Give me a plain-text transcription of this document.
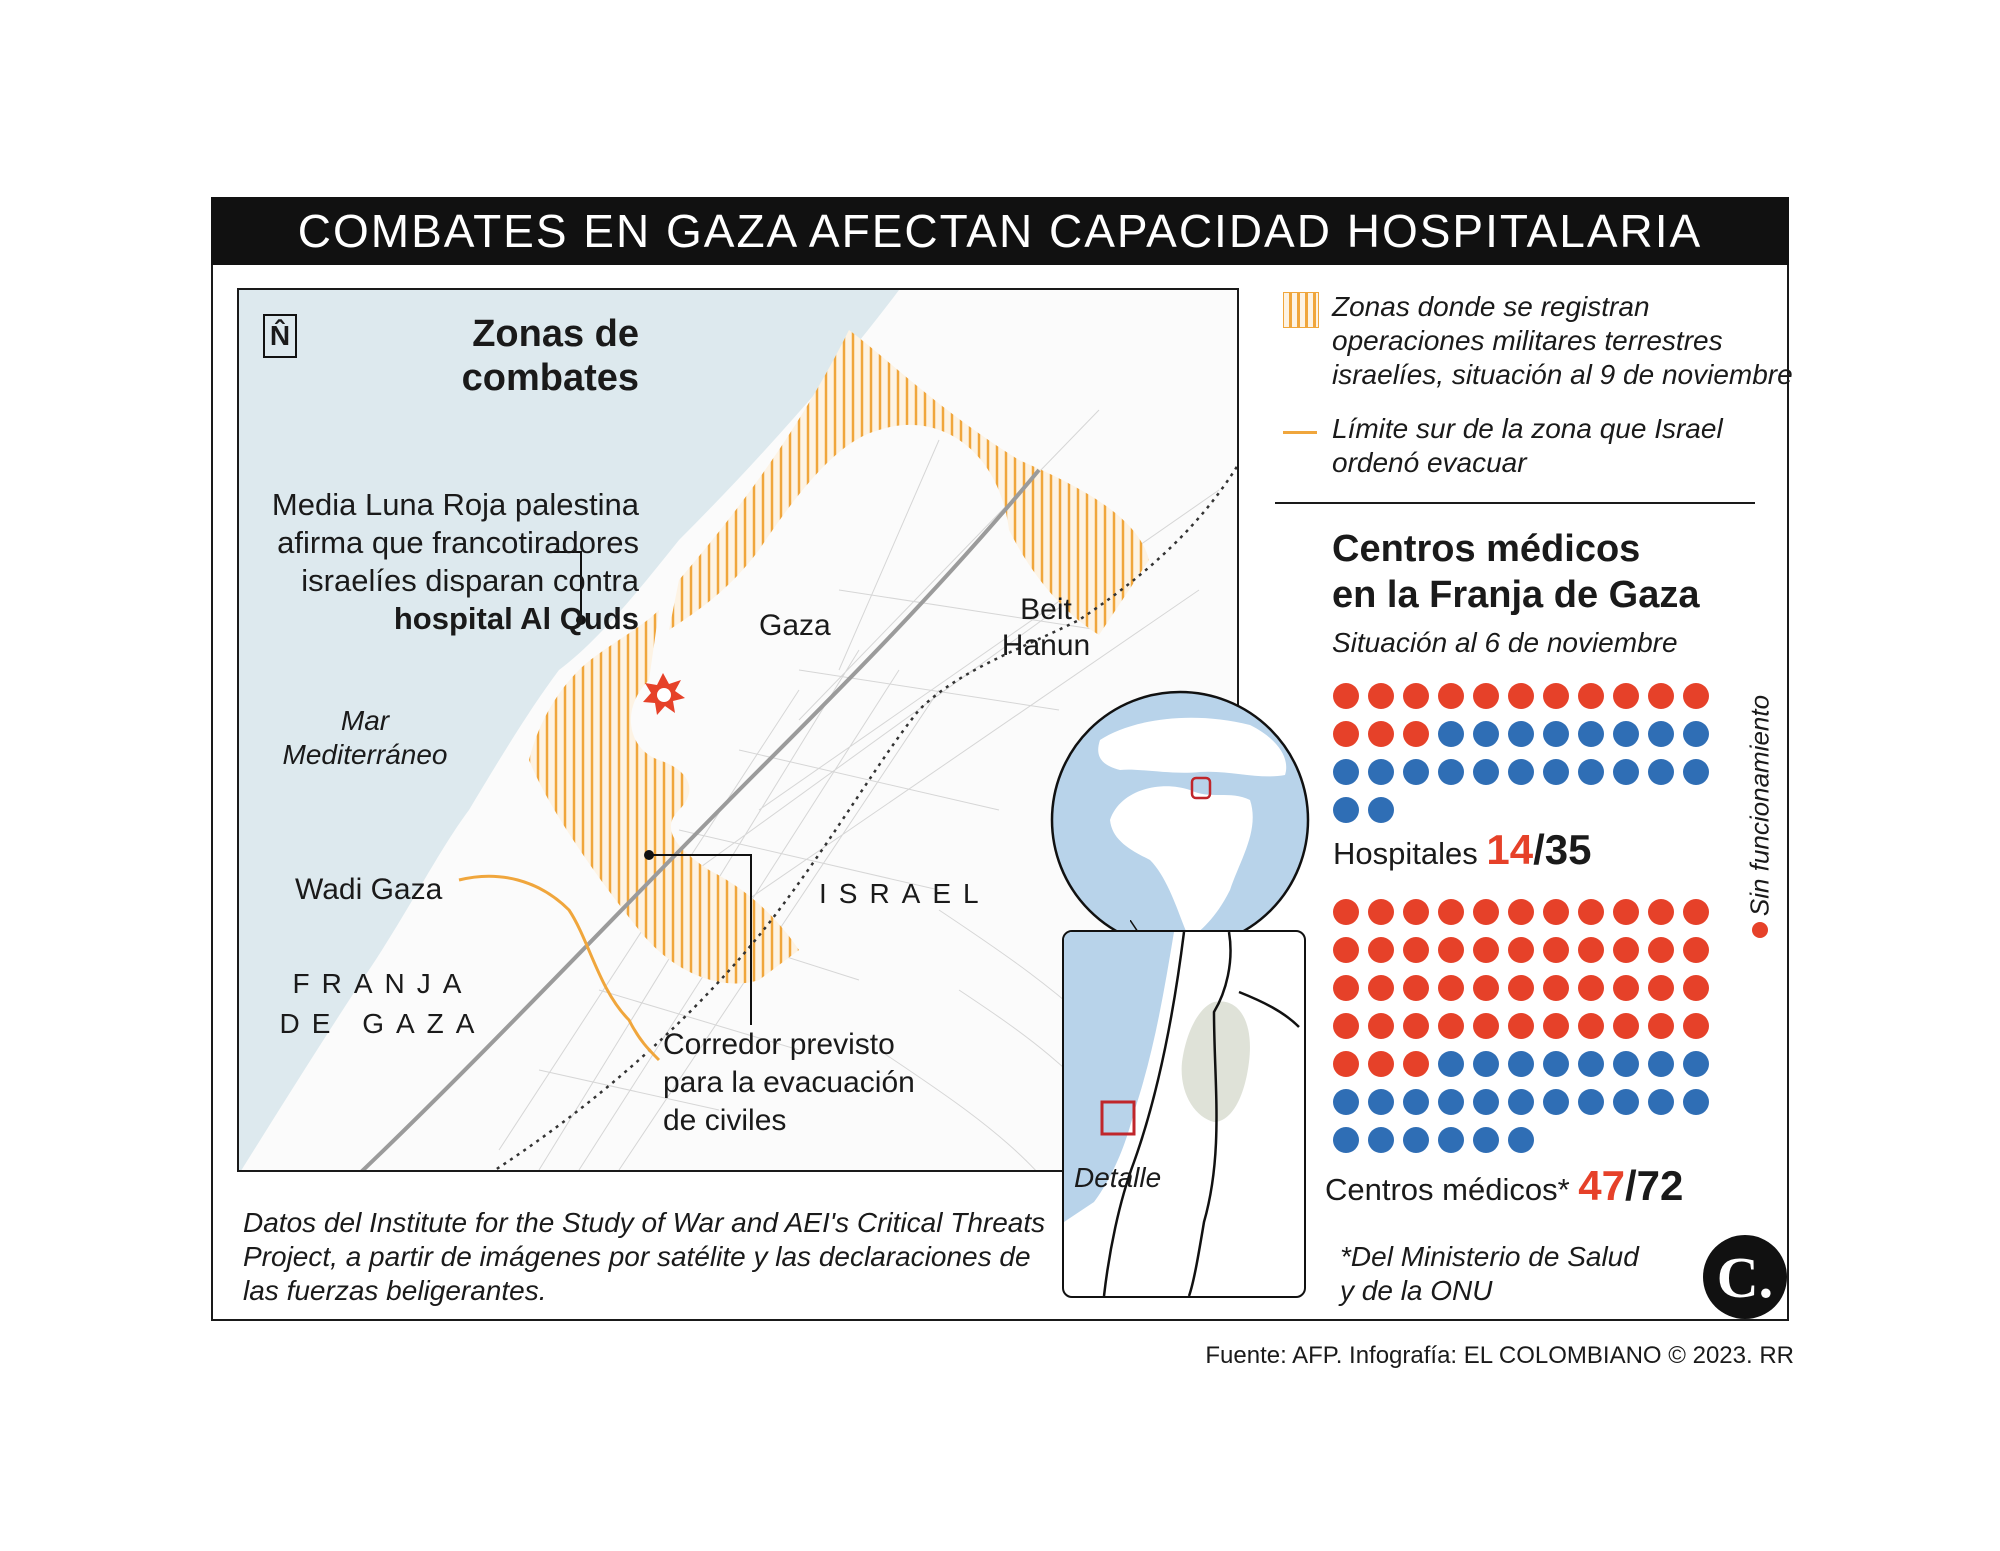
COMBATES EN GAZA AFECTAN CAPACIDAD HOSPITALARIA
N̂	Zonas de
combates
Media Luna Roja palestina
afirma que francotiradores
israelíes disparan contra
hospital Al Quds
Mar
Mediterráneo
Gaza	Beit
Hanun
Wadi Gaza
FRANJA
DE GAZA
ISRAEL
Corredor previsto
para la evacuación
de civiles
Detalle
Zonas donde se registran
operaciones militares terrestres
israelíes, situación al 9 de noviembre
Límite sur de la zona que Israel
ordenó evacuar
Centros médicos
en la Franja de Gaza
Situación al 6 de noviembre
Hospitales 14/35
Centros médicos* 47/72
Sin funcionamiento
*Del Ministerio de Salud
y de la ONU
Datos del Institute for the Study of War and AEI's Critical Threats
Project, a partir de imágenes por satélite y las declaraciones de
las fuerzas beligerantes.	C.
Fuente: AFP. Infografía: EL COLOMBIANO © 2023. RR
